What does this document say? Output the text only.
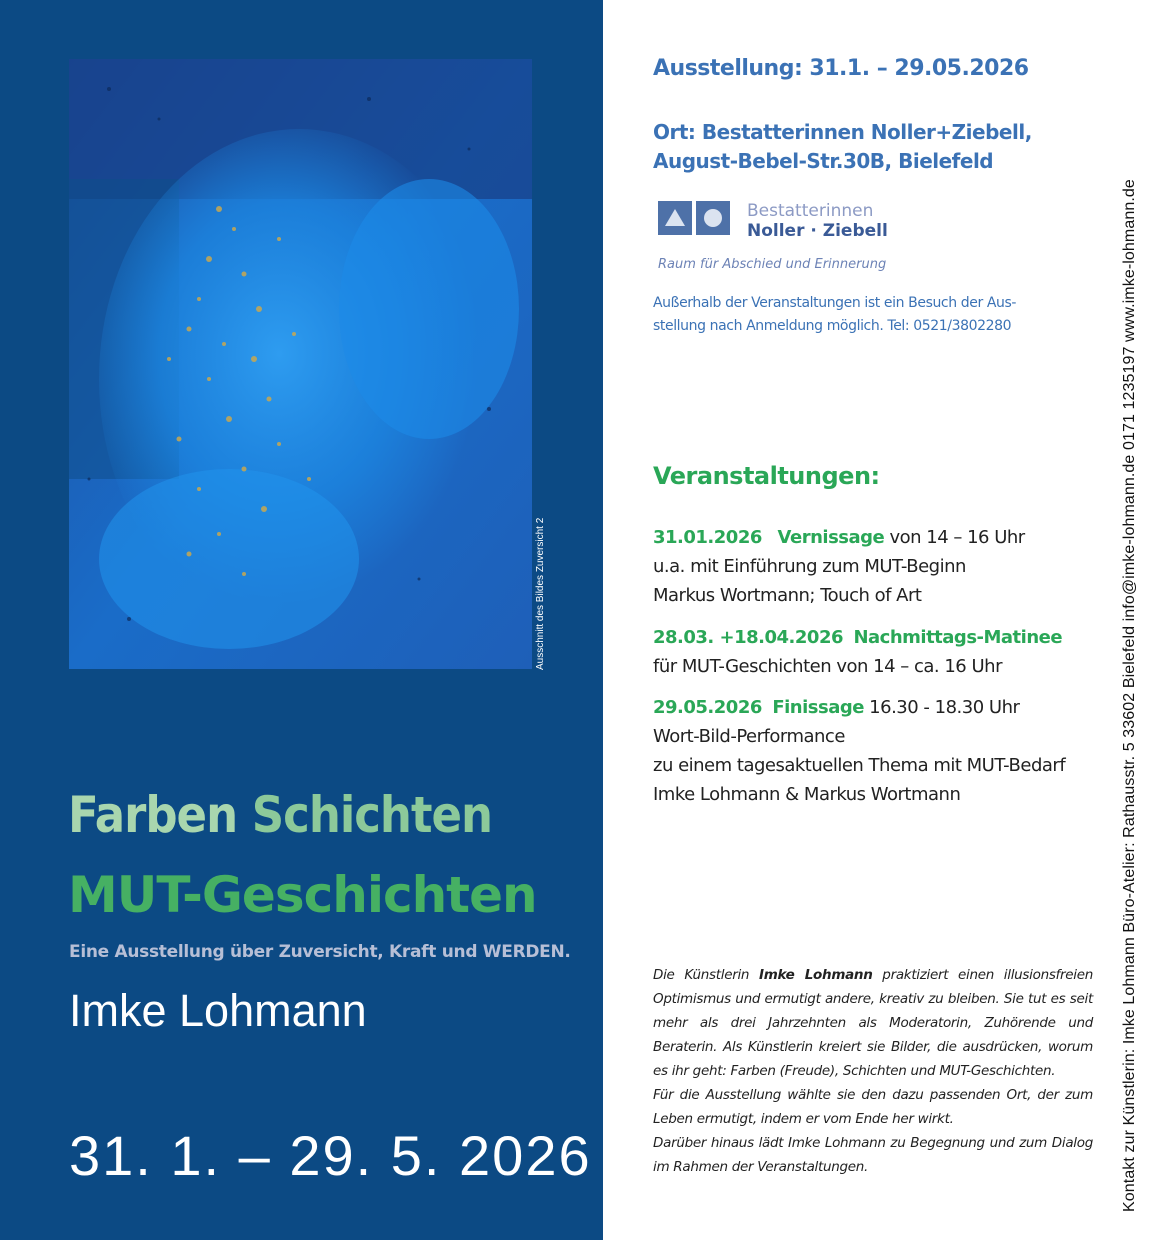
Ausschnitt des Bildes Zuversicht 2
Farben Schichten
MUT-Geschichten
Eine Ausstellung über Zuversicht, Kraft und WERDEN.
Imke Lohmann
31. 1. – 29. 5. 2026
Ausstellung: 31.1. – 29.05.2026
Ort: Bestatterinnen Noller+Ziebell,
August-Bebel-Str.30B, Bielefeld
Bestatterinnen
Noller · Ziebell
Raum für Abschied und Erinnerung
Außerhalb der Veranstaltungen ist ein Besuch der Aus-
stellung nach Anmeldung möglich. Tel: 0521/3802280
Veranstaltungen:
31.01.2026 Vernissage von 14 – 16 Uhr
u.a. mit Einführung zum MUT-Beginn
Markus Wortmann; Touch of Art
28.03. +18.04.2026 Nachmittags-Matinee
für MUT-Geschichten von 14 – ca. 16 Uhr
29.05.2026 Finissage 16.30 - 18.30 Uhr
Wort-Bild-Performance
zu einem tagesaktuellen Thema mit MUT-Bedarf
Imke Lohmann & Markus Wortmann

Die Künstlerin Imke Lohmann praktiziert einen illusionsfreien Optimismus und ermutigt andere, kreativ zu bleiben. Sie tut es seit mehr als drei Jahrzehnten als Moderatorin, Zuhörende und Beraterin. Als Künstlerin kreiert sie Bilder, die ausdrücken, worum es ihr geht: Farben (Freude), Schichten und MUT-Geschichten.

Für die Ausstellung wählte sie den dazu passenden Ort, der zum Leben ermutigt, indem er vom Ende her wirkt.

Darüber hinaus lädt Imke Lohmann zu Begegnung und zum Dialog im Rahmen der Veranstaltungen.	Kontakt zur Künstlerin: Imke Lohmann Büro-Atelier: Rathausstr. 5 33602 Bielefeld info@imke-lohmann.de 0171 1235197 www.imke-lohmann.de
